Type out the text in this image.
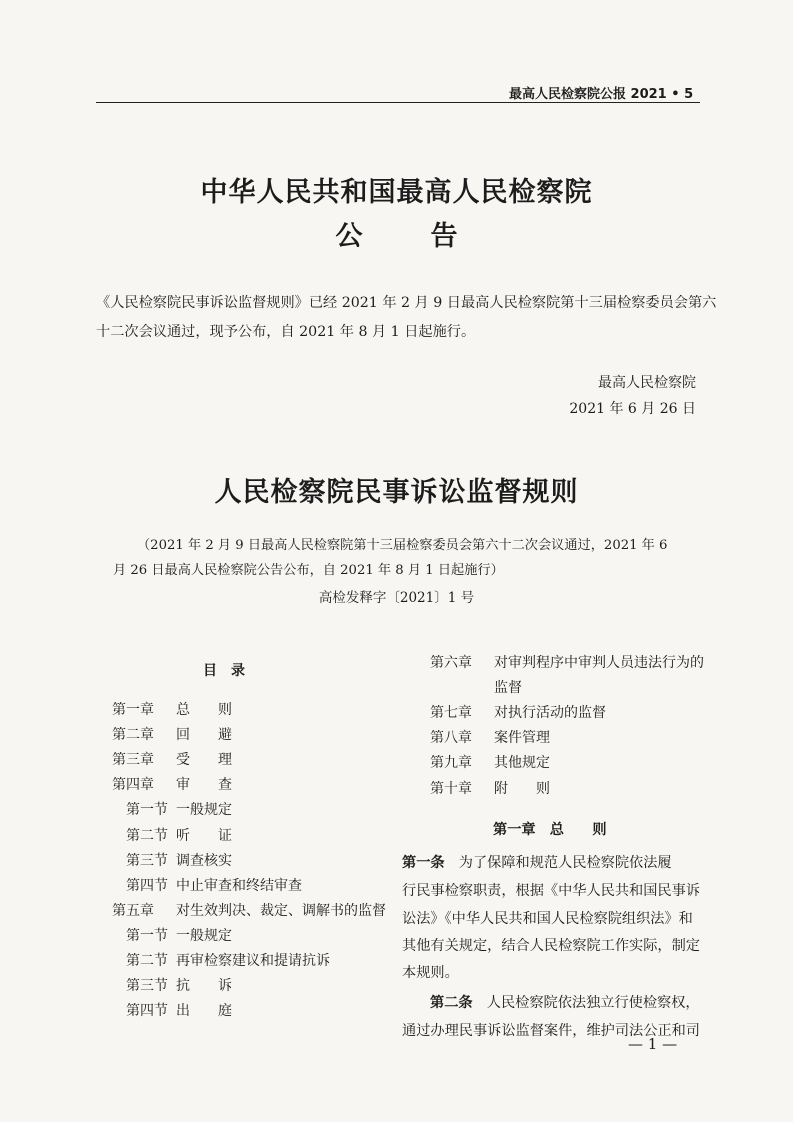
最高人民检察院公报 2021 • 5
中华人民共和国最高人民检察院
公	告
《人民检察院民事诉讼监督规则》已经 2021 年 2 月 9 日最高人民检察院第十三届检察委员会第六
十二次会议通过，现予公布，自 2021 年 8 月 1 日起施行。
最高人民检察院
2021 年 6 月 26 日
人民检察院民事诉讼监督规则
（2021 年 2 月 9 日最高人民检察院第十三届检察委员会第六十二次会议通过，2021 年 6
月 26 日最高人民检察院公告公布，自 2021 年 8 月 1 日起施行）
高检发释字〔2021〕1 号
目录
第一章 总　　则
第二章 回　　避
第三章 受　　理
第四章 审　　查
　第一节 一般规定
　第二节 听　　证
　第三节 调查核实
　第四节 中止审查和终结审查
第五章 对生效判决、裁定、调解书的监督
　第一节 一般规定
　第二节 再审检察建议和提请抗诉
　第三节 抗　　诉
　第四节 出　　庭
第六章 对审判程序中审判人员违法行为的
监督
第七章 对执行活动的监督
第八章 案件管理
第九章 其他规定
第十章 附　　则
第一章　总　　则
第一条　 为了保障和规范人民检察院依法履
行民事检察职责，根据《中华人民共和国民事诉
讼法》《中华人民共和国人民检察院组织法》和
其他有关规定，结合人民检察院工作实际，制定
本规则。
第二条　 人民检察院依法独立行使检察权，
通过办理民事诉讼监督案件，维护司法公正和司
— 1 —
